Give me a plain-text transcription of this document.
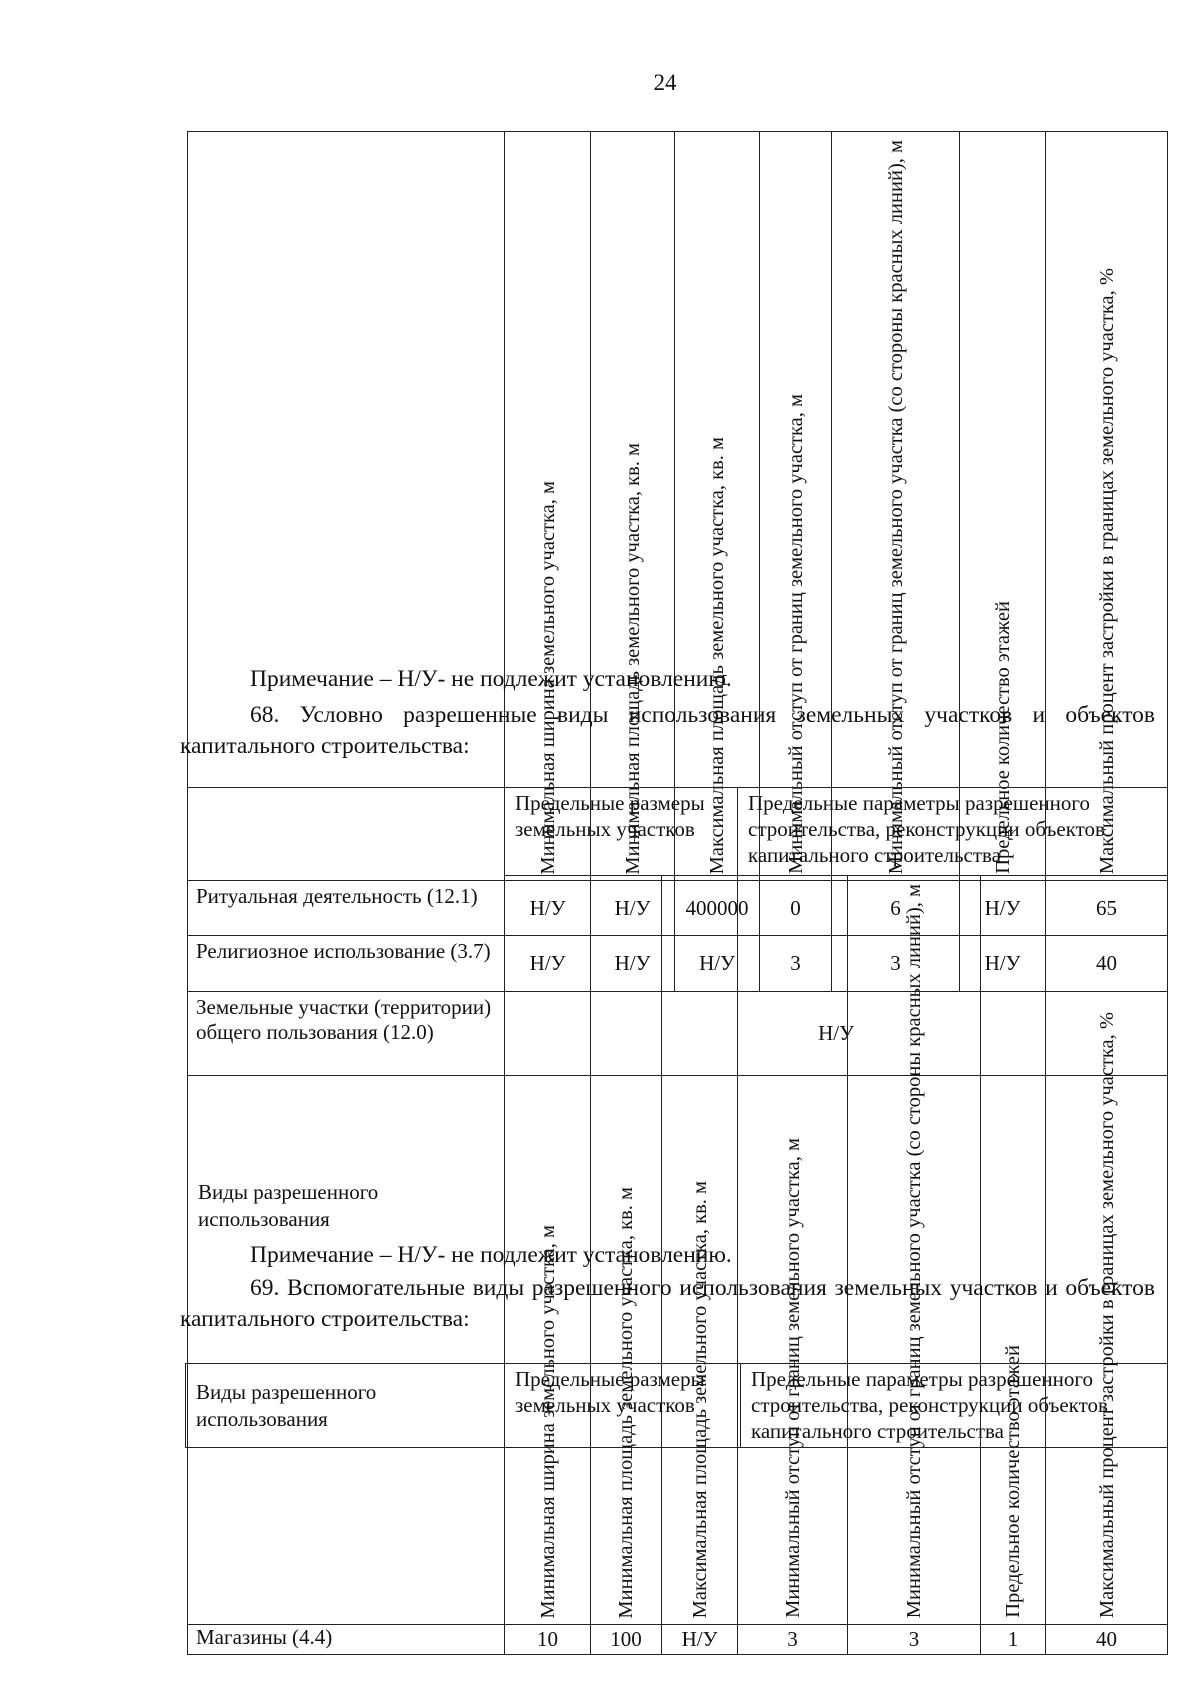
24

	Минимальная ширина земельного участка, м	Минимальная площадь земельного участка, кв. м	Максимальная площадь земельного участка, кв. м	Минимальный отступ от границ земельного участка, м	Минимальный отступ от границ земельного участка (со стороны красных линий), м	Предельное количество этажей	Максимальный процент застройки в границах земельного участка, %

Ритуальная деятельность (12.1)	Н/У	Н/У	400000	0	6	Н/У	65
Религиозное использование (3.7)	Н/У	Н/У	Н/У	3	3	Н/У	40
Земельные участки (территории) общего пользования (12.0)	Н/У						
Примечание – Н/У- не подлежит установлению.
68. Условно разрешенные виды использования земельных участков и объектов капитального строительства:
Виды разрешенного использования	Предельные размеры земельных участков			Предельные параметры разрешенного строительства, реконструкции объектов капитального строительства			

	Минимальная ширина земельного участка, м	Минимальная площадь земельного участка, кв. м	Максимальная площадь земельного участка, кв. м	Минимальный отступ от границ земельного участка, м	Минимальный отступ от границ земельного участка (со стороны красных линий), м	Предельное количество этажей	Максимальный процент застройки в границах земельного участка, %

Магазины (4.4)	10	100	Н/У	3	3	1	40
Примечание – Н/У- не подлежит установлению.
69. Вспомогательные виды разрешенного использования земельных участков и объектов капитального строительства:
Виды разрешенного использования	Предельные размеры земельных участков	Предельные параметры разрешенного строительства, реконструкции объектов капитального строительства
